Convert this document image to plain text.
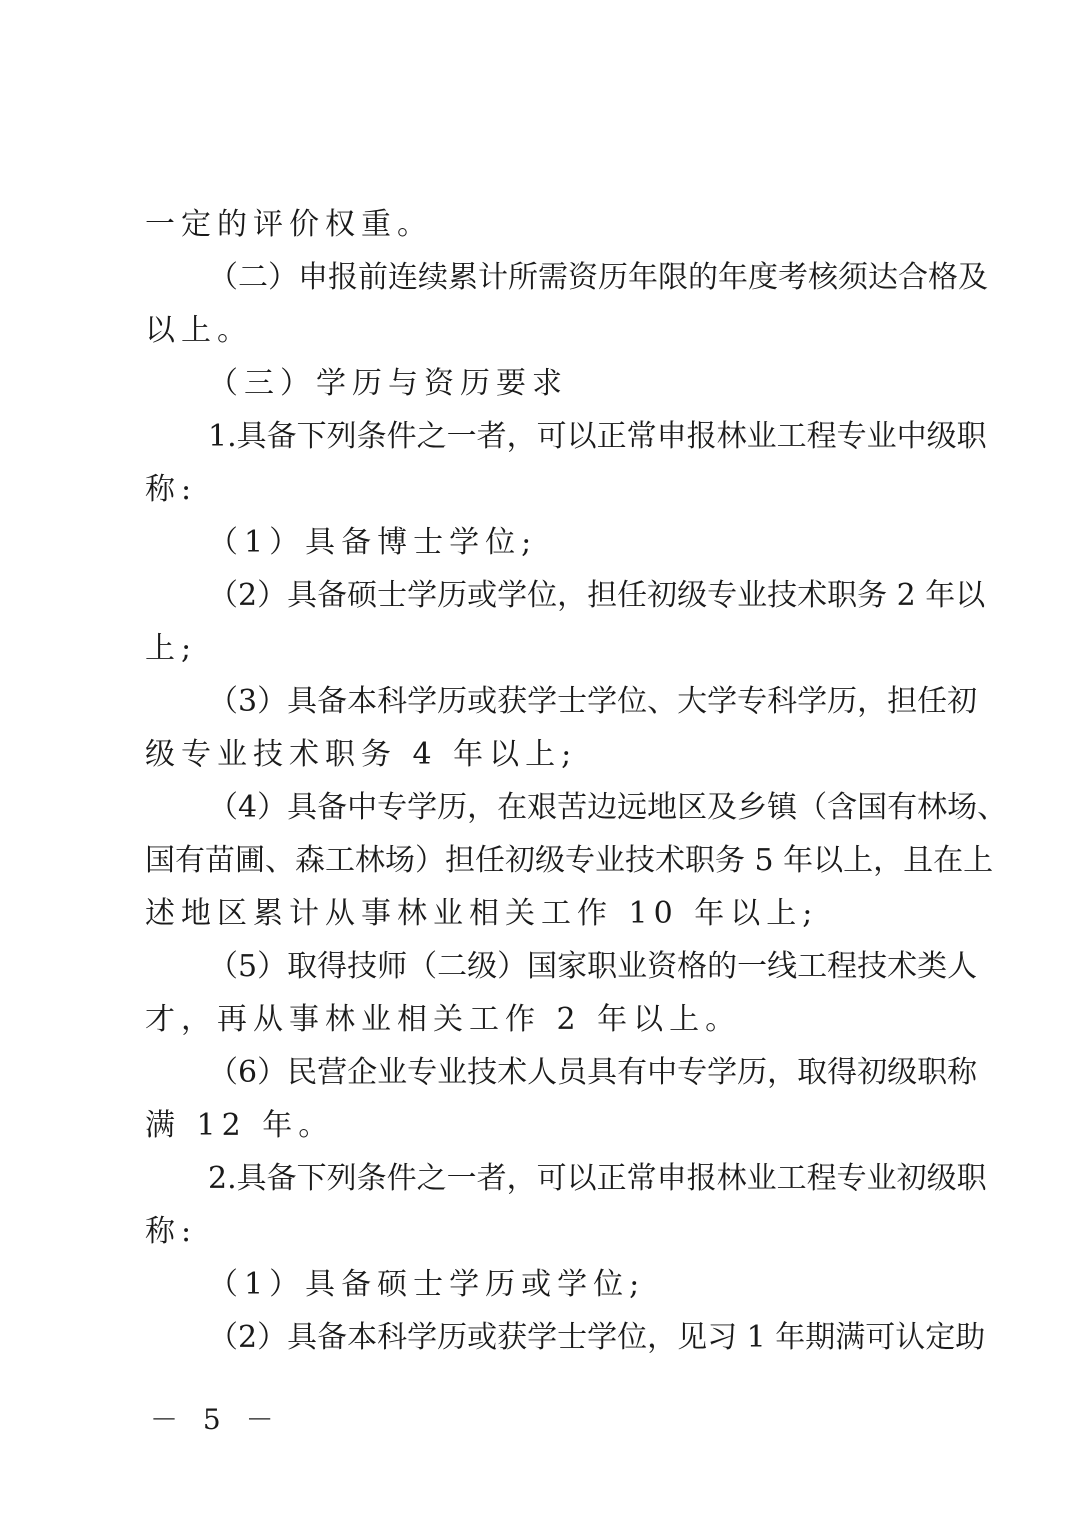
一定的评价权重。
（二）申报前连续累计所需资历年限的年度考核须达合格及
以上。
（三）学历与资历要求
1.具备下列条件之一者，可以正常申报林业工程专业中级职
称:
（1）具备博士学位;
（2）具备硕士学历或学位，担任初级专业技术职务 2 年以
上;
（3）具备本科学历或获学士学位、大学专科学历，担任初
级专业技术职务 4 年以上;
（4）具备中专学历，在艰苦边远地区及乡镇（含国有林场、
国有苗圃、森工林场）担任初级专业技术职务 5 年以上，且在上
述地区累计从事林业相关工作 10 年以上;
（5）取得技师（二级）国家职业资格的一线工程技术类人
才，再从事林业相关工作 2 年以上。
（6）民营企业专业技术人员具有中专学历，取得初级职称
满 12 年。
2.具备下列条件之一者，可以正常申报林业工程专业初级职
称:
（1）具备硕士学历或学位;
（2）具备本科学历或获学士学位，见习 1 年期满可认定助
－ 5 －
